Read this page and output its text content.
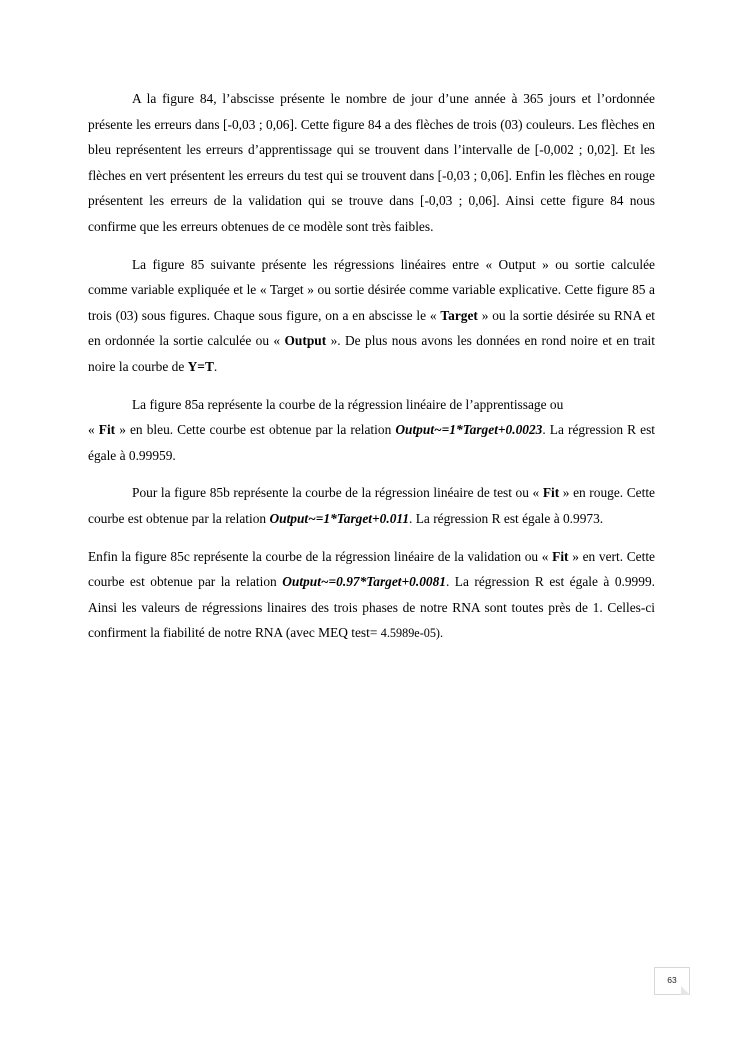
A la figure 84, l’abscisse présente le nombre de jour d’une année à 365 jours et l’ordonnée présente les erreurs dans [-0,03 ; 0,06]. Cette figure 84 a des flèches de trois (03) couleurs. Les flèches en bleu représentent les erreurs d’apprentissage qui se trouvent dans l’intervalle de [-0,002 ; 0,02]. Et les flèches en vert présentent les erreurs du test qui se trouvent dans [-0,03 ; 0,06]. Enfin les flèches en rouge présentent les erreurs de la validation qui se trouve dans [-0,03 ; 0,06]. Ainsi cette figure 84 nous confirme que les erreurs obtenues de ce modèle sont très faibles.

La figure 85 suivante présente les régressions linéaires entre « Output » ou sortie calculée comme variable expliquée et le « Target » ou sortie désirée comme variable explicative. Cette figure 85 a trois (03) sous figures. Chaque sous figure, on a en abscisse le « Target » ou la sortie désirée su RNA et en ordonnée la sortie calculée ou « Output ». De plus nous avons les données en rond noire et en trait noire la courbe de Y=T.

La figure 85a représente la courbe de la régression linéaire de l’apprentissage ou

« Fit » en bleu. Cette courbe est obtenue par la relation Output~=1*Target+0.0023. La régression R est égale à 0.99959.

Pour la figure 85b représente la courbe de la régression linéaire de test ou « Fit » en rouge. Cette courbe est obtenue par la relation Output~=1*Target+0.011. La régression R est égale à 0.9973.

Enfin la figure 85c représente la courbe de la régression linéaire de la validation ou « Fit » en vert. Cette courbe est obtenue par la relation Output~=0.97*Target+0.0081. La régression R est égale à 0.9999. Ainsi les valeurs de régressions linaires des trois phases de notre RNA sont toutes près de 1. Celles-ci confirment la fiabilité de notre RNA (avec MEQ test= 4.5989e-05).

63
